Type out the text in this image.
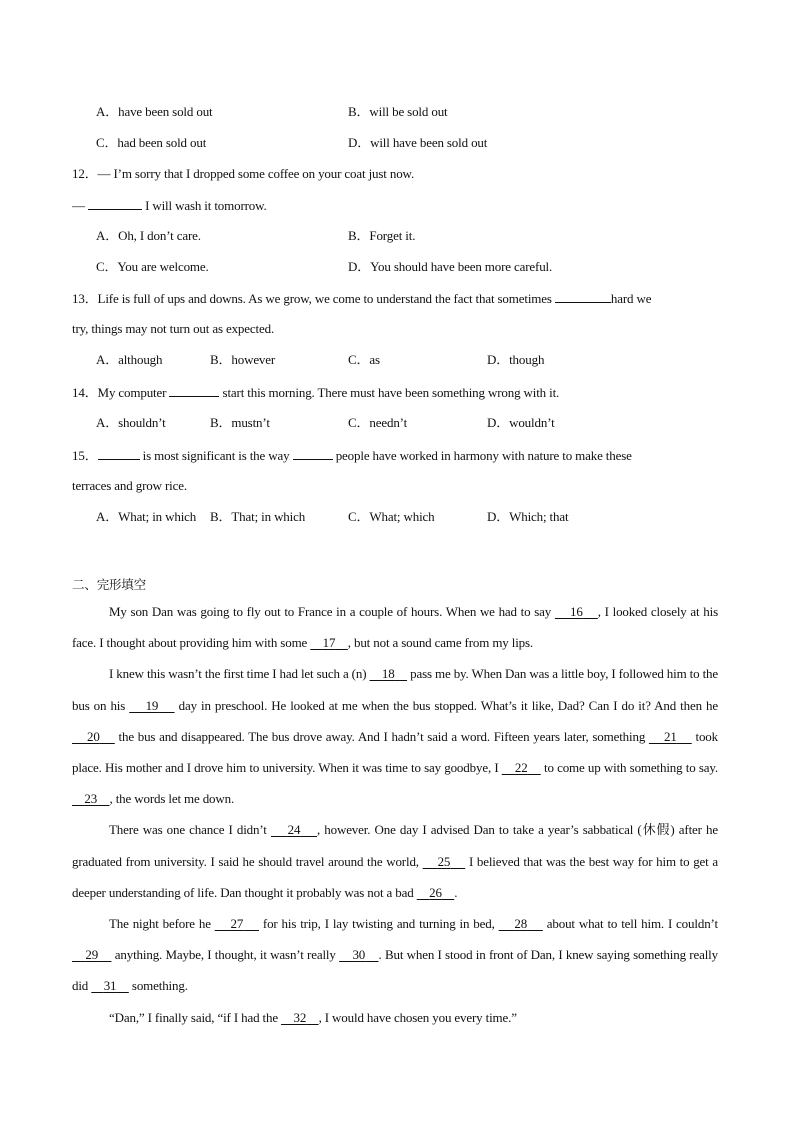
A．have been sold out	B．will be sold out
C．had been sold out	D．will have been sold out
12．— I’m sorry that I dropped some coffee on your coat just now.
—	I will wash it tomorrow.
A．Oh, I don’t care.	B．Forget it.
C．You are welcome.	D．You should have been more careful.
13．Life is full of ups and downs. As we grow, we come to understand the fact that sometimes	hard we
try, things may not turn out as expected.
A．although	B．however	C．as	D．though
14．My computer	start this morning. There must have been something wrong with it.
A．shouldn’t	B．mustn’t	C．needn’t	D．wouldn’t
15．	is most significant is the way	people have worked in harmony with nature to make these
terraces and grow rice.
A．What; in which B．That; in which	C．What; which	D．Which; that
二、完形填空

My son Dan was going to fly out to France in a couple of hours. When we had to say 16 , I looked closely at his face. I thought about providing him with some 17 , but not a sound came from my lips.

I knew this wasn’t the first time I had let such a (n) 18 pass me by. When Dan was a little boy, I followed him to the bus on his 19 day in preschool. He looked at me when the bus stopped. What’s it like, Dad? Can I do it? And then he     20 the bus and disappeared. The bus drove away. And I hadn’t said a word. Fifteen years later, something 21 took place. His mother and I drove him to university. When it was time to say goodbye, I 22 to come up with something to say.     23 , the words let me down.

There was one chance I didn’t 24 , however. One day I advised Dan to take a year’s sabbatical (休假) after he graduated from university. I said he should travel around the world, 25 I believed that was the best way for him to get a deeper understanding of life. Dan thought it probably was not a bad 26 .

The night before he 27 for his trip, I lay twisting and turning in bed, 28 about what to tell him. I couldn’t     29 anything. Maybe, I thought, it wasn’t really 30 . But when I stood in front of Dan, I knew saying something really did 31 something.

“Dan,” I finally said, “if I had the 32 , I would have chosen you every time.”
